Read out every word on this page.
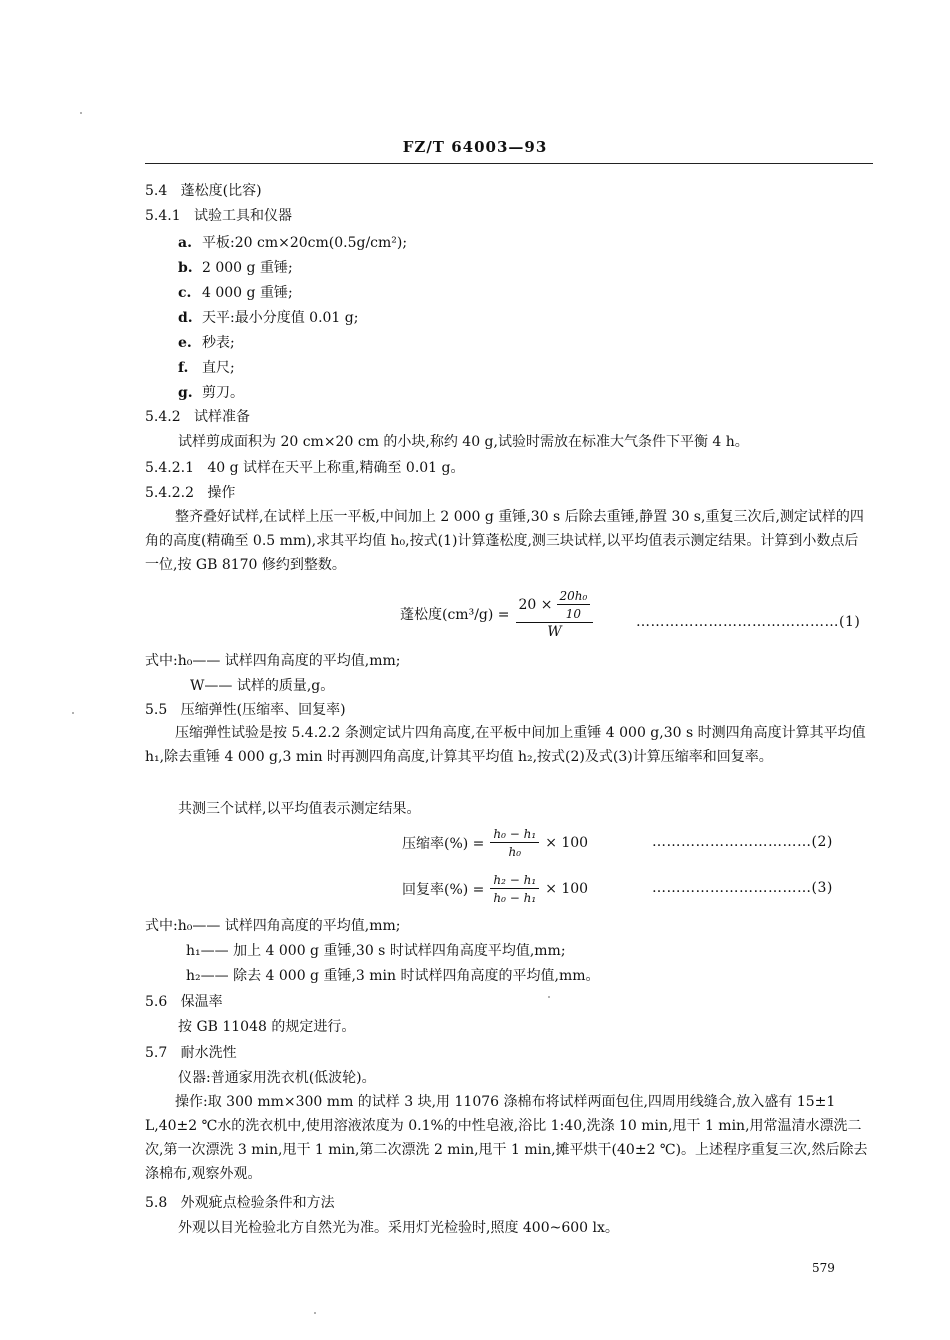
FZ/T 64003—93
5.4 蓬松度(比容)
5.4.1 试验工具和仪器
a. 平板:20 cm×20cm(0.5g/cm²);
b. 2 000 g 重锤;
c. 4 000 g 重锤;
d. 天平:最小分度值 0.01 g;
e. 秒表;
f. 直尺;
g. 剪刀。
5.4.2 试样准备
试样剪成面积为 20 cm×20 cm 的小块,称约 40 g,试验时需放在标准大气条件下平衡 4 h。
5.4.2.1 40 g 试样在天平上称重,精确至 0.01 g。
5.4.2.2 操作
整齐叠好试样,在试样上压一平板,中间加上 2 000 g 重锤,30 s 后除去重锤,静置 30 s,重复三次后,测定试样的四角的高度(精确至 0.5 mm),求其平均值 h₀,按式(1)计算蓬松度,测三块试样,以平均值表示测定结果。计算到小数点后一位,按 GB 8170 修约到整数。
蓬松度$(cm^3/g) = \frac{20 \times \frac{\text{20h₀}}{10}}{W}$	……………………………………(1)
式中:h₀—— 试样四角高度的平均值,mm;
W—— 试样的质量,g。
5.5 压缩弹性(压缩率、回复率)
压缩弹性试验是按 5.4.2.2 条测定试片四角高度,在平板中间加上重锤 4 000 g,30 s 时测四角高度计算其平均值 h₁,除去重锤 4 000 g,3 min 时再测四角高度,计算其平均值 h₂,按式(2)及式(3)计算压缩率和回复率。
共测三个试样,以平均值表示测定结果。
压缩率(%) = $\frac{\text{h₀ − h₁}}{\text{h₀}} \times 100$	……………………………(2)
回复率(%) = $\frac{\text{h₂ − h₁}}{\text{h₀ − h₁}} \times 100$	……………………………(3)
式中:h₀—— 试样四角高度的平均值,mm;
h₁—— 加上 4 000 g 重锤,30 s 时试样四角高度平均值,mm;
h₂—— 除去 4 000 g 重锤,3 min 时试样四角高度的平均值,mm。
5.6 保温率
按 GB 11048 的规定进行。
5.7 耐水洗性
仪器:普通家用洗衣机(低波轮)。
操作:取 300 mm×300 mm 的试样 3 块,用 11076 涤棉布将试样两面包住,四周用线缝合,放入盛有 15±1 L,40±2 ℃水的洗衣机中,使用溶液浓度为 0.1%的中性皂液,浴比 1:40,洗涤 10 min,甩干 1 min,用常温清水漂洗二次,第一次漂洗 3 min,甩干 1 min,第二次漂洗 2 min,甩干 1 min,摊平烘干(40±2 ℃)。上述程序重复三次,然后除去涤棉布,观察外观。
5.8 外观疵点检验条件和方法
外观以目光检验北方自然光为准。采用灯光检验时,照度 400~600 lx。
579
